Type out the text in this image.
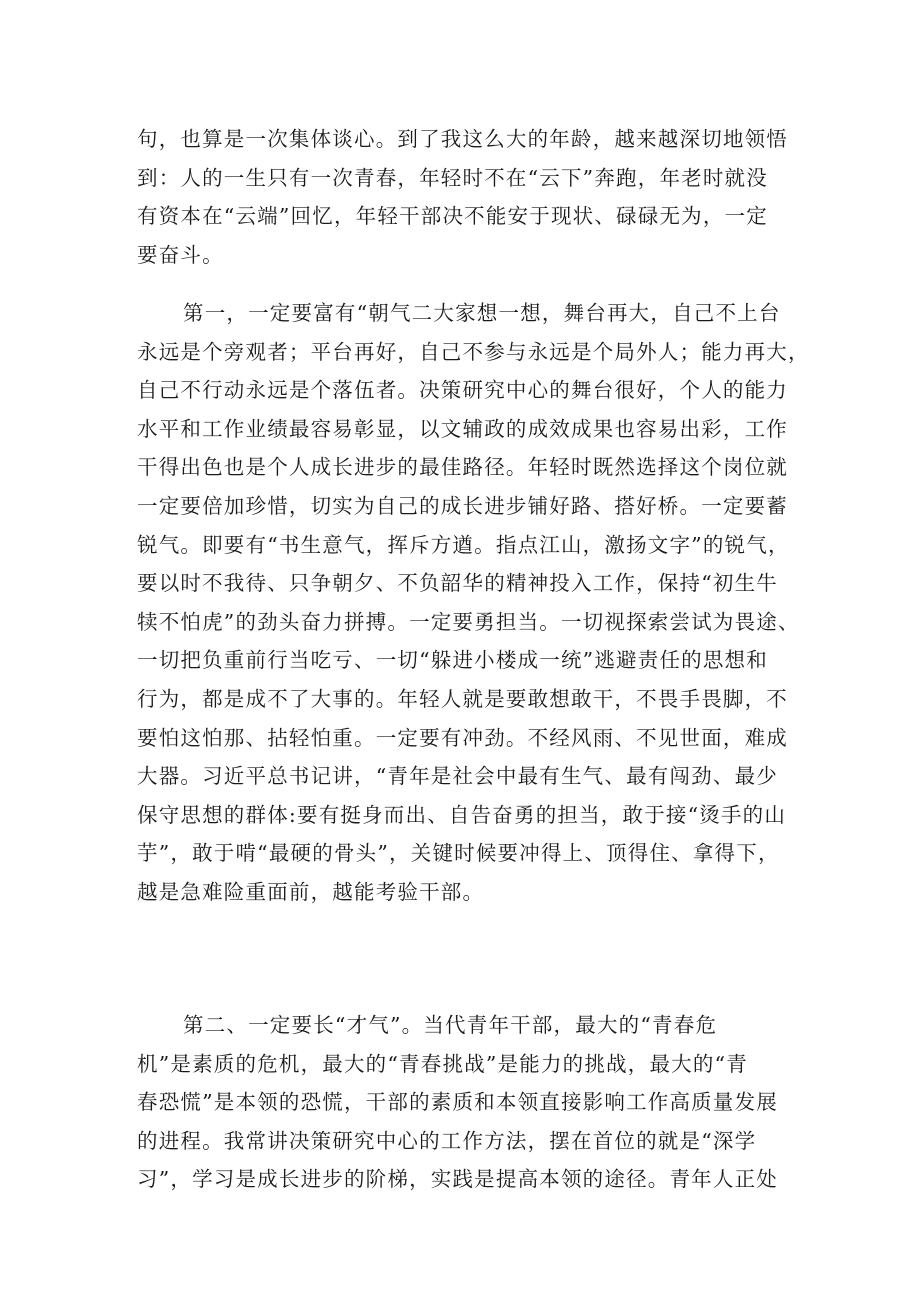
句，也算是一次集体谈心。到了我这么大的年龄，越来越深切地领悟
到：人的一生只有一次青春，年轻时不在“云下”奔跑，年老时就没
有资本在“云端”回忆，年轻干部决不能安于现状、碌碌无为，一定
要奋斗。
第一，一定要富有“朝气二大家想一想，舞台再大，自己不上台
永远是个旁观者；平台再好，自己不参与永远是个局外人；能力再大，
自己不行动永远是个落伍者。决策研究中心的舞台很好，个人的能力
水平和工作业绩最容易彰显，以文辅政的成效成果也容易出彩，工作
干得出色也是个人成长进步的最佳路径。年轻时既然选择这个岗位就
一定要倍加珍惜，切实为自己的成长进步铺好路、搭好桥。一定要蓄
锐气。即要有“书生意气，挥斥方遒。指点江山，激扬文字”的锐气，
要以时不我待、只争朝夕、不负韶华的精神投入工作，保持“初生牛
犊不怕虎”的劲头奋力拼搏。一定要勇担当。一切视探索尝试为畏途、
一切把负重前行当吃亏、一切“躲进小楼成一统”逃避责任的思想和
行为，都是成不了大事的。年轻人就是要敢想敢干，不畏手畏脚，不
要怕这怕那、拈轻怕重。一定要有冲劲。不经风雨、不见世面，难成
大器。习近平总书记讲，“青年是社会中最有生气、最有闯劲、最少
保守思想的群体:要有挺身而出、自告奋勇的担当，敢于接“烫手的山
芋”，敢于啃“最硬的骨头”，关键时候要冲得上、顶得住、拿得下，
越是急难险重面前，越能考验干部。
第二、一定要长“才气”。当代青年干部，最大的“青春危
机”是素质的危机，最大的“青春挑战”是能力的挑战，最大的“青
春恐慌”是本领的恐慌，干部的素质和本领直接影响工作高质量发展
的进程。我常讲决策研究中心的工作方法，摆在首位的就是“深学
习”，学习是成长进步的阶梯，实践是提高本领的途径。青年人正处
